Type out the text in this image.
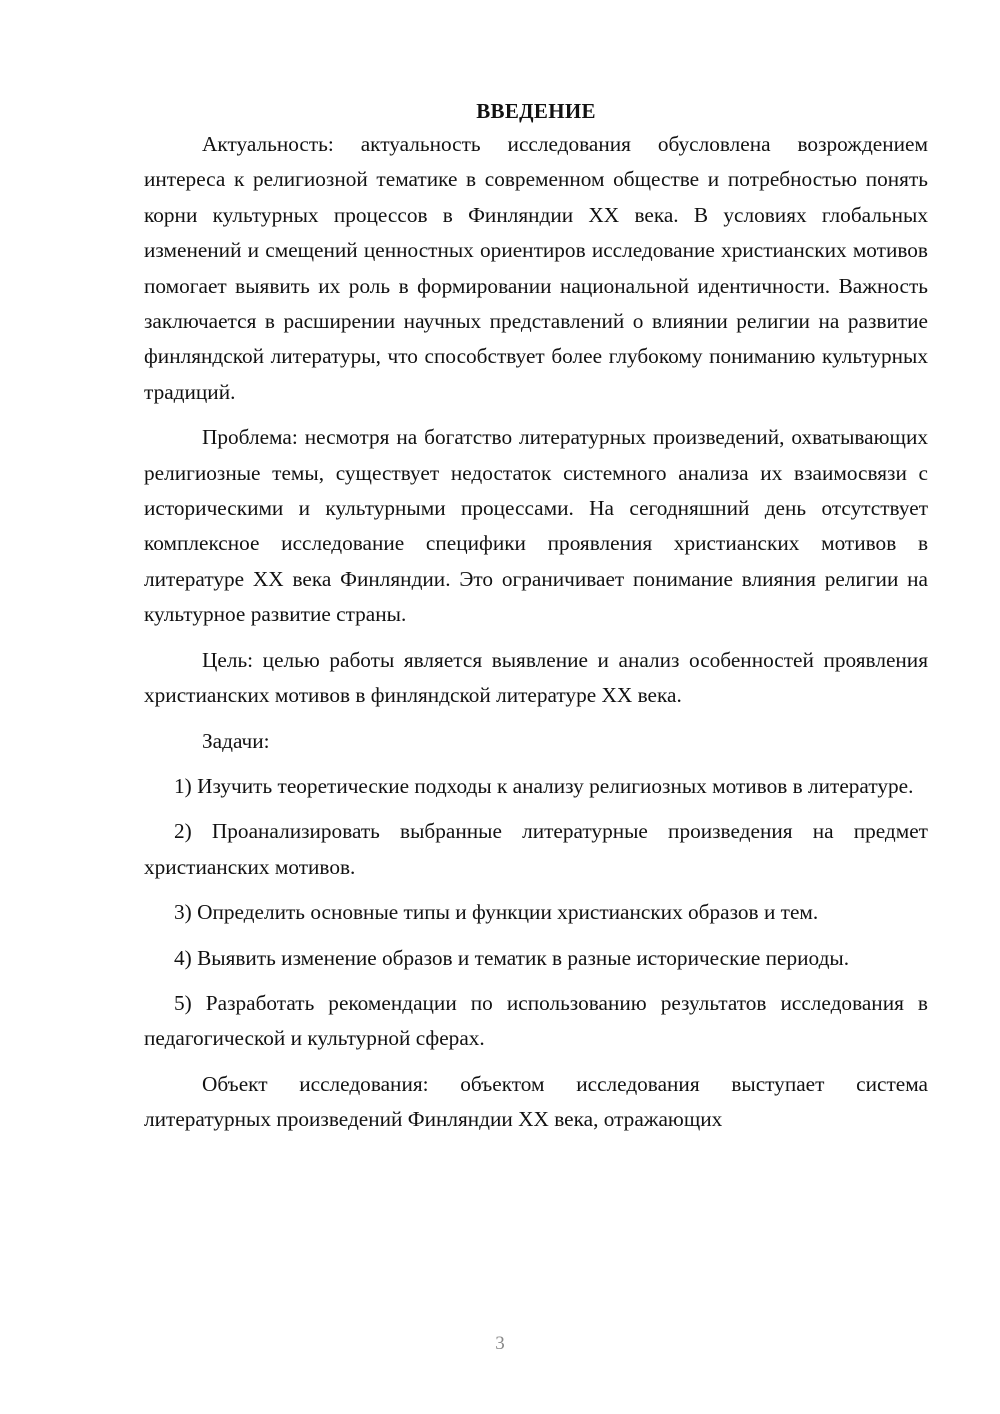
ВВЕДЕНИЕ

Актуальность: актуальность исследования обусловлена возрождением интереса к религиозной тематике в современном обществе и потребностью понять корни культурных процессов в Финляндии XX века. В условиях глобальных изменений и смещений ценностных ориентиров исследование христианских мотивов помогает выявить их роль в формировании национальной идентичности. Важность заключается в расширении научных представлений о влиянии религии на развитие финляндской литературы, что способствует более глубокому пониманию культурных традиций.

Проблема: несмотря на богатство литературных произведений, охватывающих религиозные темы, существует недостаток системного анализа их взаимосвязи с историческими и культурными процессами. На сегодняшний день отсутствует комплексное исследование специфики проявления христианских мотивов в литературе XX века Финляндии. Это ограничивает понимание влияния религии на культурное развитие страны.

Цель: целью работы является выявление и анализ особенностей проявления христианских мотивов в финляндской литературе XX века.

Задачи:

1) Изучить теоретические подходы к анализу религиозных мотивов в литературе.

2) Проанализировать выбранные литературные произведения на предмет христианских мотивов.

3) Определить основные типы и функции христианских образов и тем.

4) Выявить изменение образов и тематик в разные исторические периоды.

5) Разработать рекомендации по использованию результатов исследования в педагогической и культурной сферах.

Объект исследования: объектом исследования выступает система литературных произведений Финляндии XX века, отражающих

3
